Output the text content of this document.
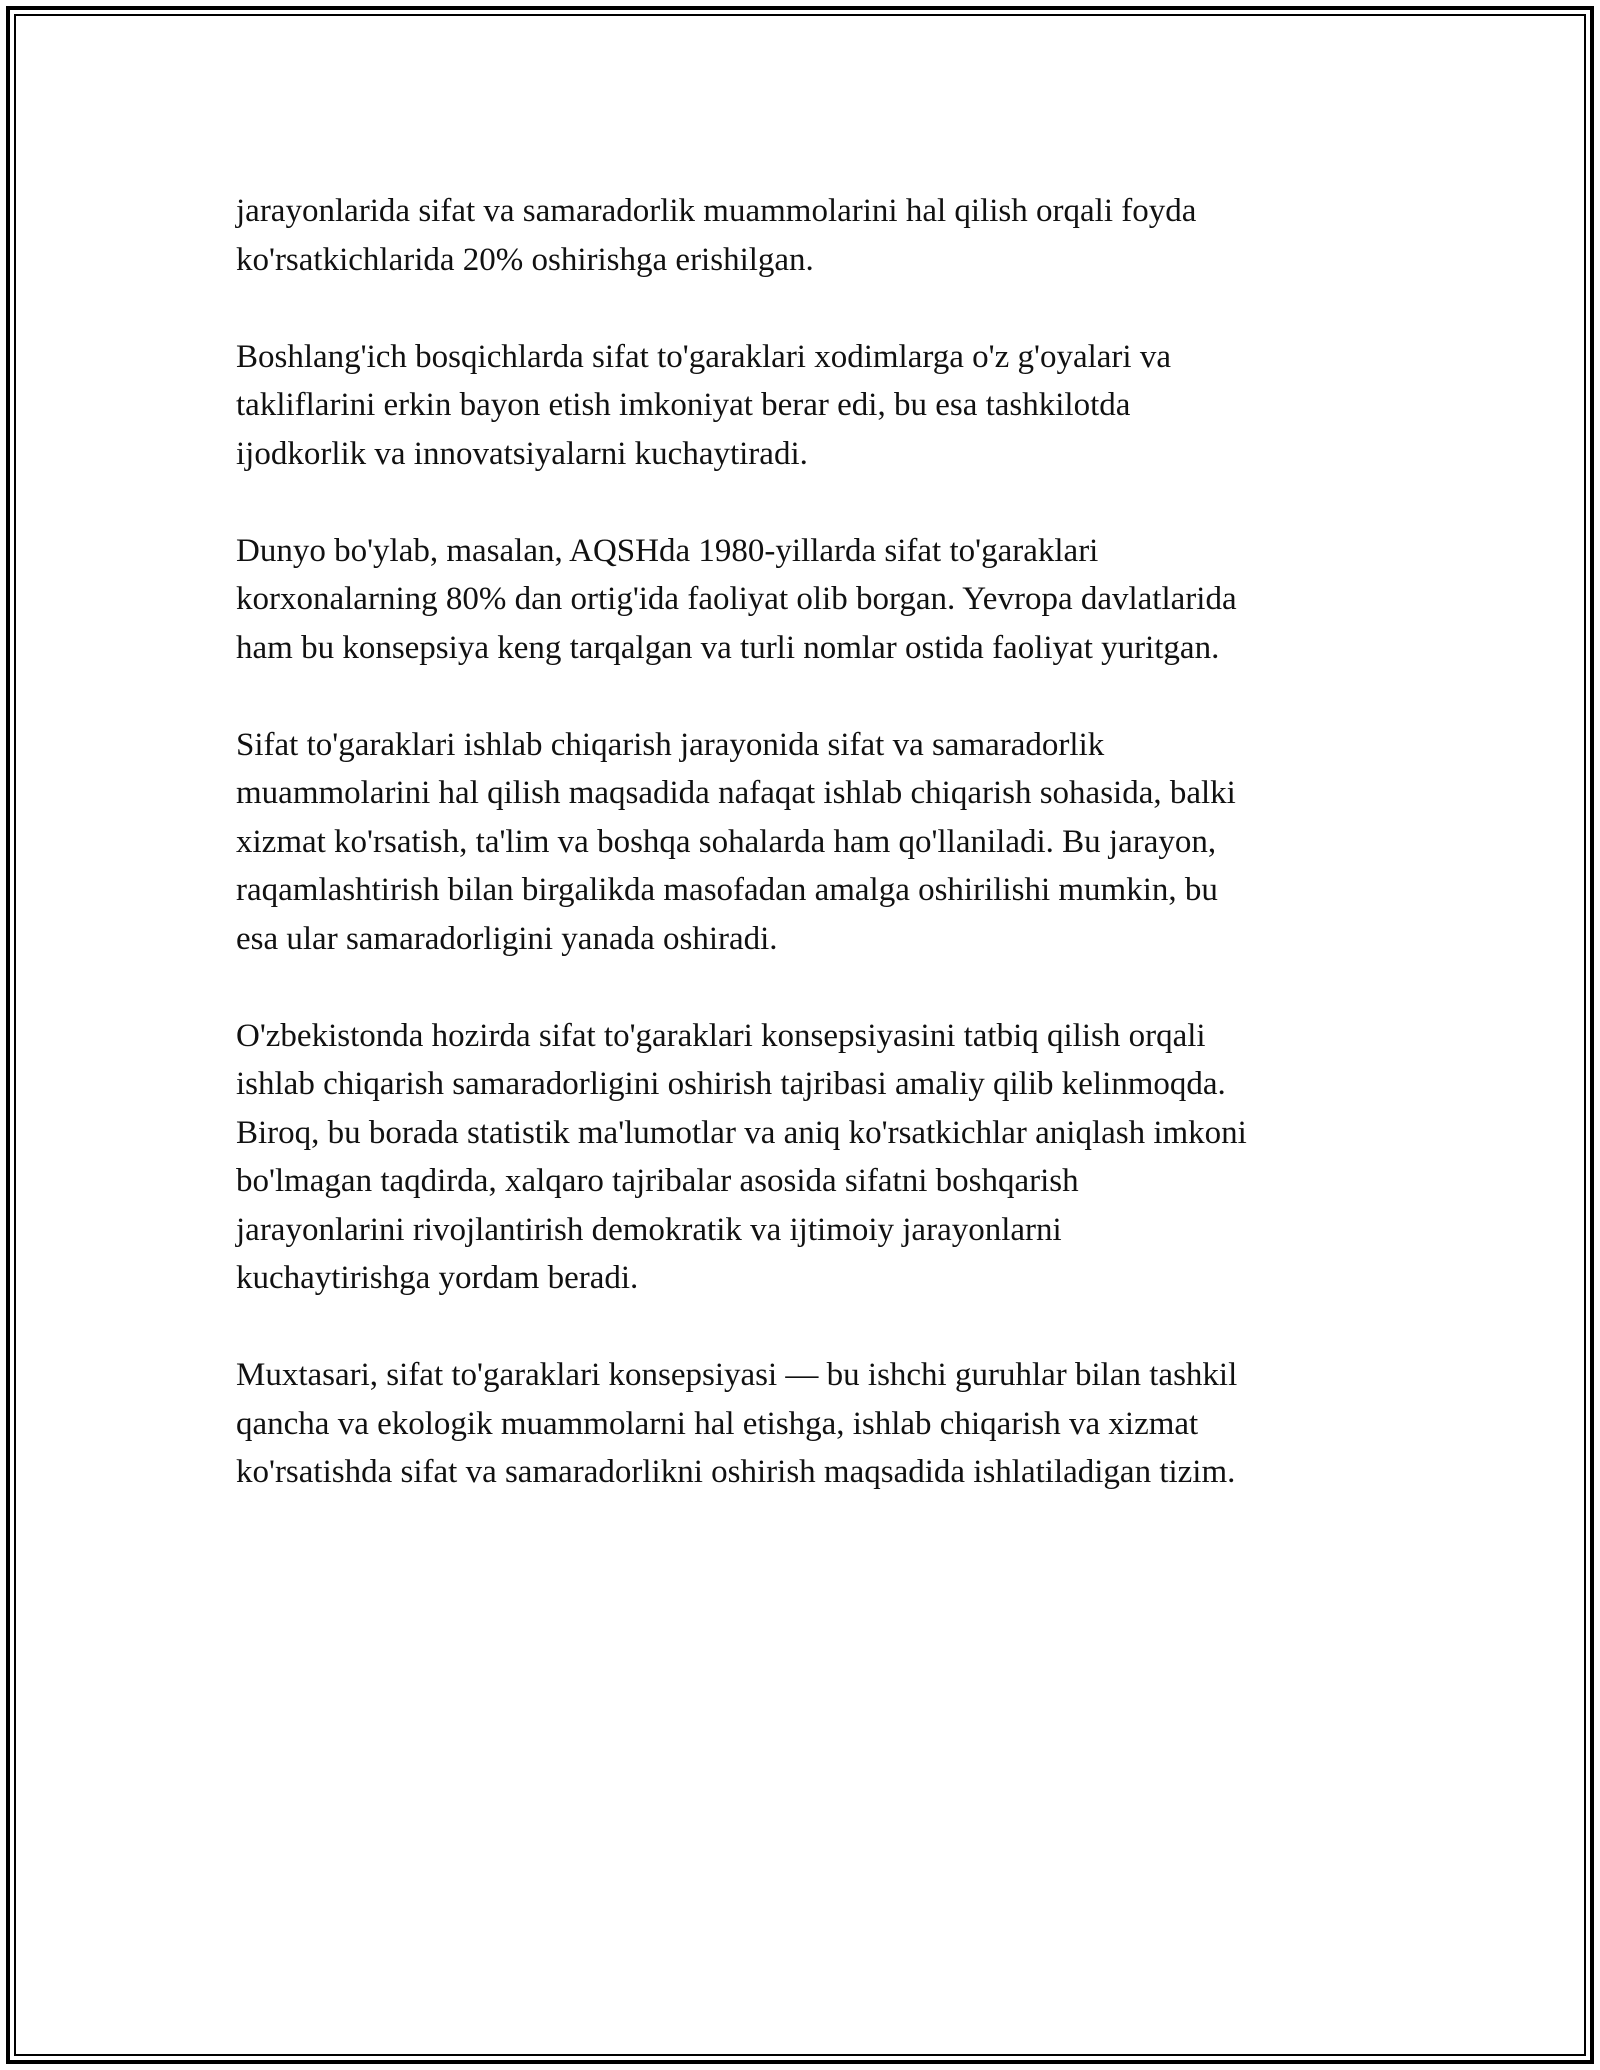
jarayonlarida sifat va samaradorlik muammolarini hal qilish orqali foyda
ko'rsatkichlarida 20% oshirishga erishilgan.

Boshlang'ich bosqichlarda sifat to'garaklari xodimlarga o'z g'oyalari va
takliflarini erkin bayon etish imkoniyat berar edi, bu esa tashkilotda
ijodkorlik va innovatsiyalarni kuchaytiradi.

Dunyo bo'ylab, masalan, AQSHda 1980-yillarda sifat to'garaklari
korxonalarning 80% dan ortig'ida faoliyat olib borgan. Yevropa davlatlarida
ham bu konsepsiya keng tarqalgan va turli nomlar ostida faoliyat yuritgan.

Sifat to'garaklari ishlab chiqarish jarayonida sifat va samaradorlik
muammolarini hal qilish maqsadida nafaqat ishlab chiqarish sohasida, balki
xizmat ko'rsatish, ta'lim va boshqa sohalarda ham qo'llaniladi. Bu jarayon,
raqamlashtirish bilan birgalikda masofadan amalga oshirilishi mumkin, bu
esa ular samaradorligini yanada oshiradi.

O'zbekistonda hozirda sifat to'garaklari konsepsiyasini tatbiq qilish orqali
ishlab chiqarish samaradorligini oshirish tajribasi amaliy qilib kelinmoqda.
Biroq, bu borada statistik ma'lumotlar va aniq ko'rsatkichlar aniqlash imkoni
bo'lmagan taqdirda, xalqaro tajribalar asosida sifatni boshqarish
jarayonlarini rivojlantirish demokratik va ijtimoiy jarayonlarni
kuchaytirishga yordam beradi.

Muxtasari, sifat to'garaklari konsepsiyasi — bu ishchi guruhlar bilan tashkil
qancha va ekologik muammolarni hal etishga, ishlab chiqarish va xizmat
ko'rsatishda sifat va samaradorlikni oshirish maqsadida ishlatiladigan tizim.
